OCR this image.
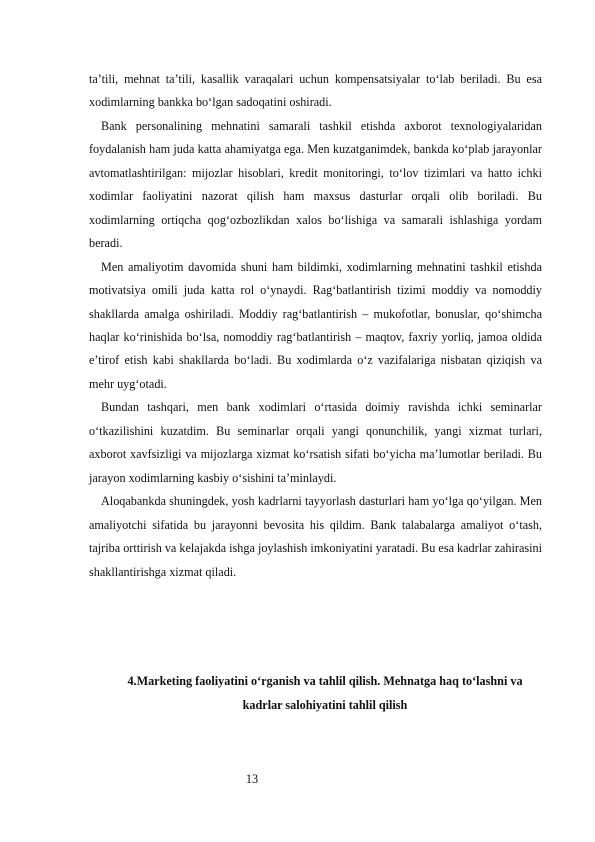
ta’tili, mehnat ta’tili, kasallik varaqalari uchun kompensatsiyalar to‘lab beriladi. Bu esa xodimlarning bankka bo‘lgan sadoqatini oshiradi.

Bank personalining mehnatini samarali tashkil etishda axborot texnologiyalaridan foydalanish ham juda katta ahamiyatga ega. Men kuzatganimdek, bankda ko‘plab jarayonlar avtomatlashtirilgan: mijozlar hisoblari, kredit monitoringi, to‘lov tizimlari va hatto ichki xodimlar faoliyatini nazorat qilish ham maxsus dasturlar orqali olib boriladi. Bu xodimlarning ortiqcha qog‘ozbozlikdan xalos bo‘lishiga va samarali ishlashiga yordam beradi.

Men amaliyotim davomida shuni ham bildimki, xodimlarning mehnatini tashkil etishda motivatsiya omili juda katta rol o‘ynaydi. Rag‘batlantirish tizimi moddiy va nomoddiy shakllarda amalga oshiriladi. Moddiy rag‘batlantirish – mukofotlar, bonuslar, qo‘shimcha haqlar ko‘rinishida bo‘lsa, nomoddiy rag‘batlantirish – maqtov, faxriy yorliq, jamoa oldida e’tirof etish kabi shakllarda bo‘ladi. Bu xodimlarda o‘z vazifalariga nisbatan qiziqish va mehr uyg‘otadi.

Bundan tashqari, men bank xodimlari o‘rtasida doimiy ravishda ichki seminarlar o‘tkazilishini kuzatdim. Bu seminarlar orqali yangi qonunchilik, yangi xizmat turlari, axborot xavfsizligi va mijozlarga xizmat ko‘rsatish sifati bo‘yicha ma’lumotlar beriladi. Bu jarayon xodimlarning kasbiy o‘sishini ta’minlaydi.

Aloqabankda shuningdek, yosh kadrlarni tayyorlash dasturlari ham yo‘lga qo‘yilgan. Men amaliyotchi sifatida bu jarayonni bevosita his qildim. Bank talabalarga amaliyot o‘tash, tajriba orttirish va kelajakda ishga joylashish imkoniyatini yaratadi. Bu esa kadrlar zahirasini shakllantirishga xizmat qiladi.

4.Marketing faoliyatini o‘rganish va tahlil qilish. Mehnatga haq to‘lashni va kadrlar salohiyatini tahlil qilish

13
